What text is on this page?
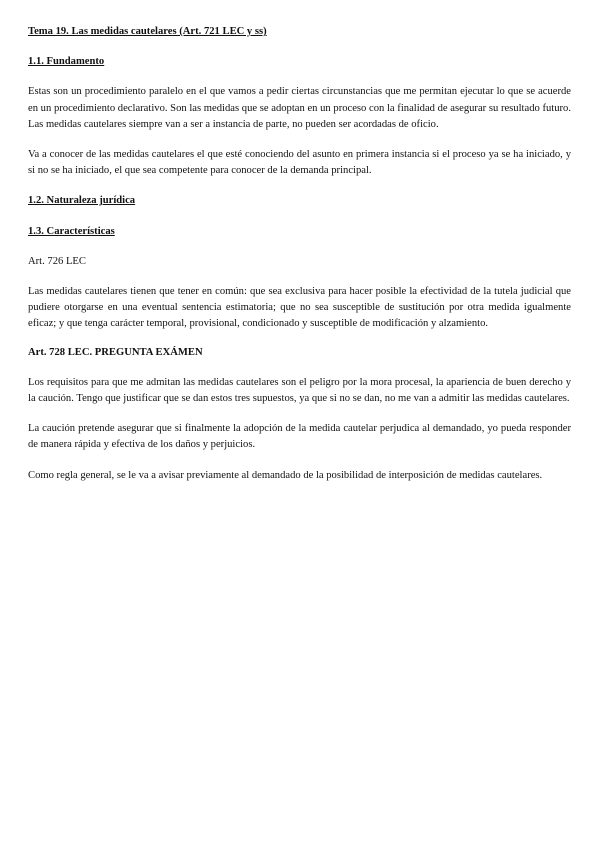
Tema 19. Las medidas cautelares (Art. 721 LEC y ss)

1.1. Fundamento

Estas son un procedimiento paralelo en el que vamos a pedir ciertas circunstancias que me permitan ejecutar lo que se acuerde en un procedimiento declarativo. Son las medidas que se adoptan en un proceso con la finalidad de asegurar su resultado futuro. Las medidas cautelares siempre van a ser a instancia de parte, no pueden ser acordadas de oficio.

Va a conocer de las medidas cautelares el que esté conociendo del asunto en primera instancia si el proceso ya se ha iniciado, y si no se ha iniciado, el que sea competente para conocer de la demanda principal.

1.2. Naturaleza jurídica

1.3. Características

Art. 726 LEC

Las medidas cautelares tienen que tener en común: que sea exclusiva para hacer posible la efectividad de la tutela judicial que pudiere otorgarse en una eventual sentencia estimatoria; que no sea susceptible de sustitución por otra medida igualmente eficaz; y que tenga carácter temporal, provisional, condicionado y susceptible de modificación y alzamiento.

Art. 728 LEC. PREGUNTA EXÁMEN

Los requisitos para que me admitan las medidas cautelares son el peligro por la mora procesal, la apariencia de buen derecho y la caución. Tengo que justificar que se dan estos tres supuestos, ya que si no se dan, no me van a admitir las medidas cautelares.

La caución pretende asegurar que si finalmente la adopción de la medida cautelar perjudica al demandado, yo pueda responder de manera rápida y efectiva de los daños y perjuicios.

Como regla general, se le va a avisar previamente al demandado de la posibilidad de interposición de medidas cautelares.
